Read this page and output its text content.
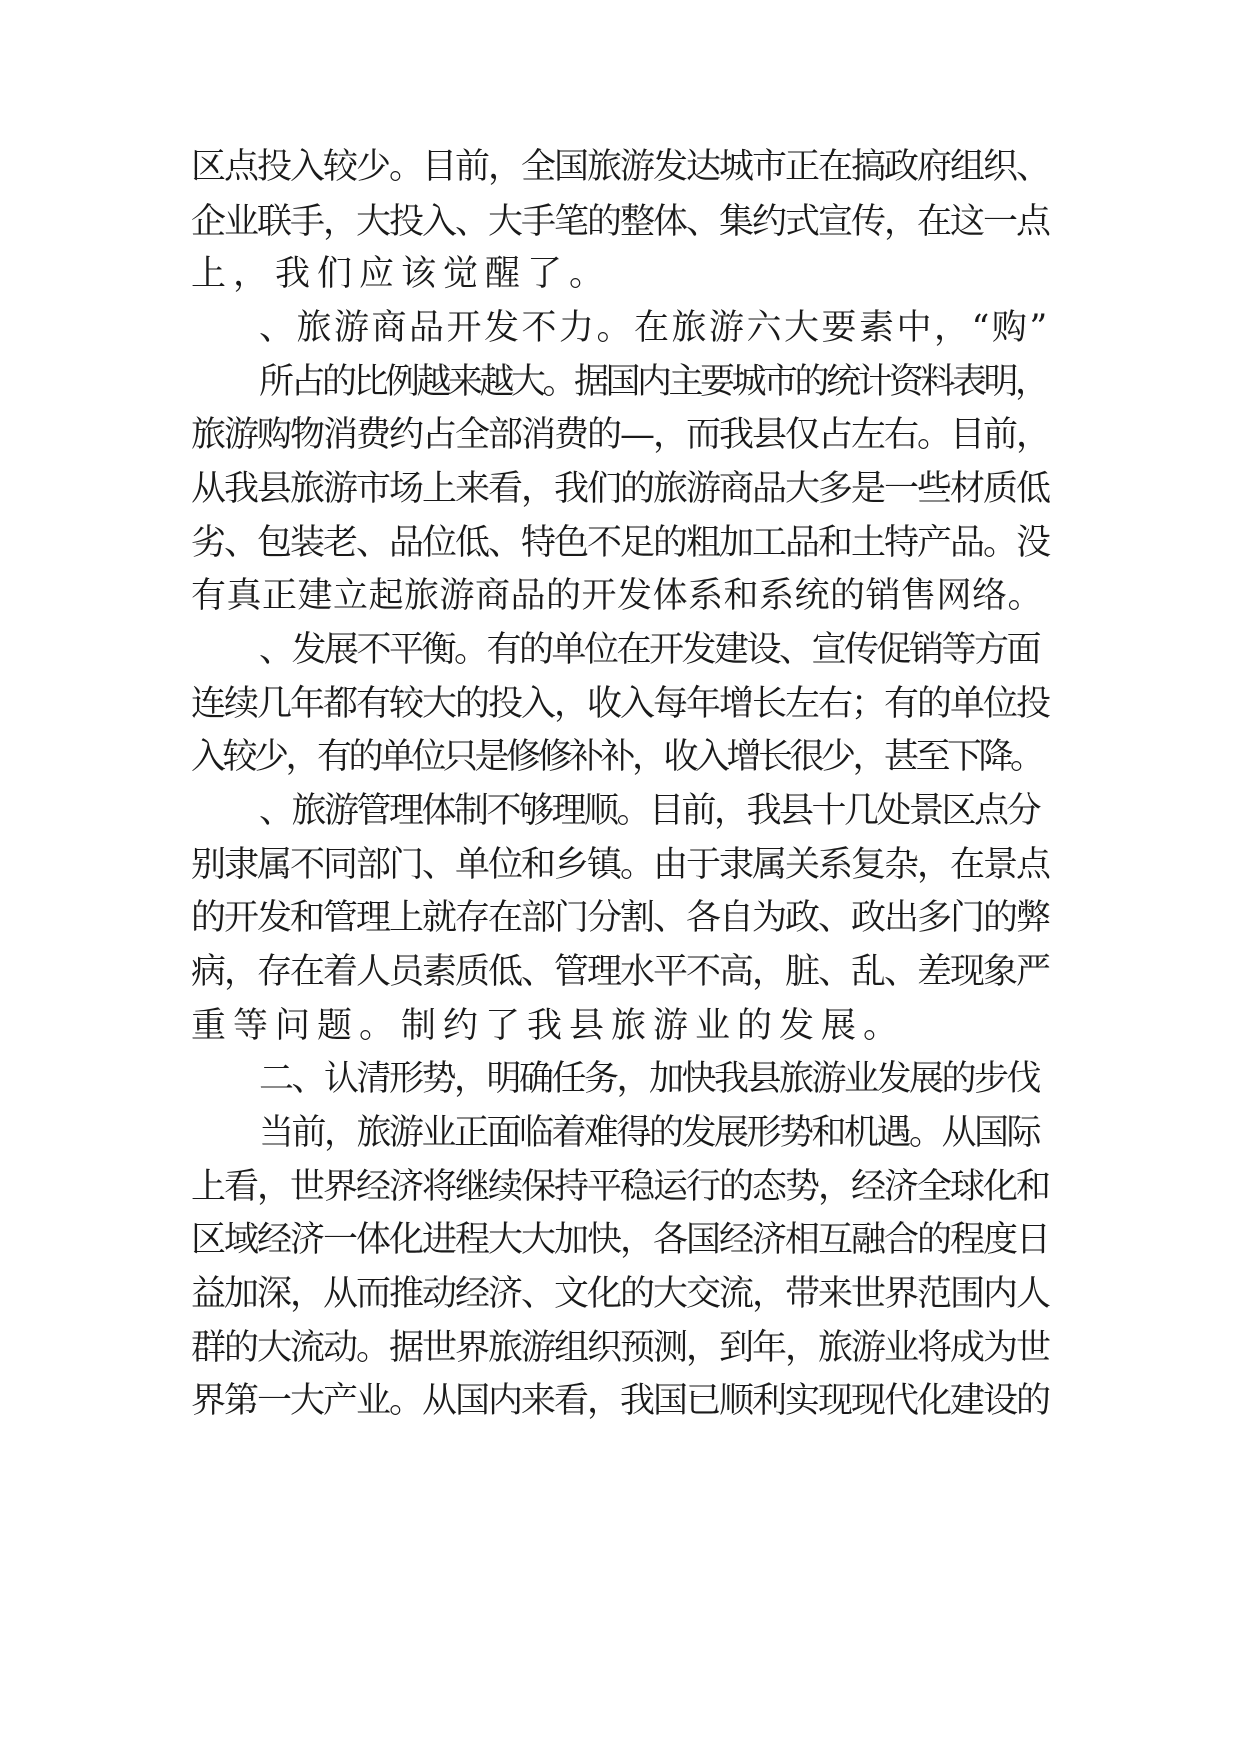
区点投入较少。目前，全国旅游发达城市正在搞政府组织、
企业联手，大投入、大手笔的整体、集约式宣传，在这一点
上，我们应该觉醒了。
、旅游商品开发不力。在旅游六大要素中，“购”
所占的比例越来越大。据国内主要城市的统计资料表明，
旅游购物消费约占全部消费的—，而我县仅占左右。目前，
从我县旅游市场上来看，我们的旅游商品大多是一些材质低
劣、包装老、品位低、特色不足的粗加工品和土特产品。没
有真正建立起旅游商品的开发体系和系统的销售网络。
、发展不平衡。有的单位在开发建设、宣传促销等方面
连续几年都有较大的投入，收入每年增长左右；有的单位投
入较少，有的单位只是修修补补，收入增长很少，甚至下降。
、旅游管理体制不够理顺。目前，我县十几处景区点分
别隶属不同部门、单位和乡镇。由于隶属关系复杂，在景点
的开发和管理上就存在部门分割、各自为政、政出多门的弊
病，存在着人员素质低、管理水平不高，脏、乱、差现象严
重等问题。制约了我县旅游业的发展。
二、认清形势，明确任务，加快我县旅游业发展的步伐
当前，旅游业正面临着难得的发展形势和机遇。从国际
上看，世界经济将继续保持平稳运行的态势，经济全球化和
区域经济一体化进程大大加快，各国经济相互融合的程度日
益加深，从而推动经济、文化的大交流，带来世界范围内人
群的大流动。据世界旅游组织预测，到年，旅游业将成为世
界第一大产业。从国内来看，我国已顺利实现现代化建设的
